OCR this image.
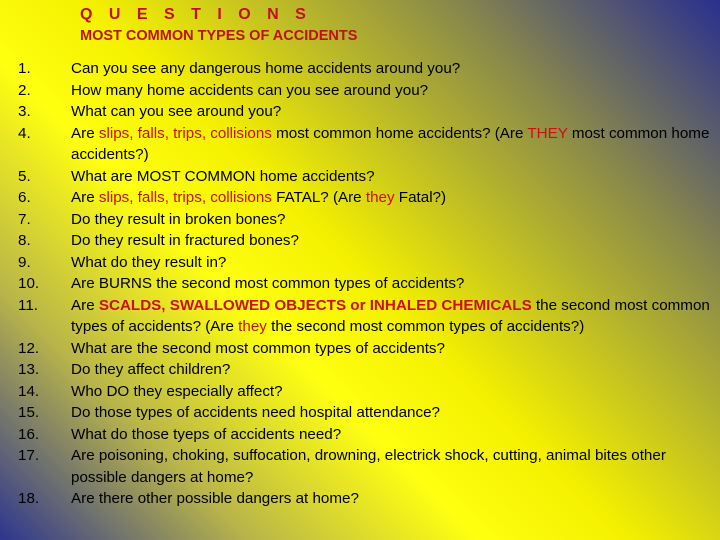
Q U E S T I O N S
MOST COMMON TYPES OF ACCIDENTS
1.	Can you see any dangerous home accidents around you?
2.	How many home accidents can you see around you?
3.	What can you see around you?
4.	Are slips, falls, trips, collisions most common home accidents? (Are THEY most common home accidents?)
5.	What are MOST COMMON home accidents?
6.	Are slips, falls, trips, collisions FATAL? (Are they Fatal?)
7.	Do they result in broken bones?
8.	Do they result in fractured bones?
9.	What do they result in?
10.	Are BURNS the second most common types of accidents?
11.	Are SCALDS, SWALLOWED OBJECTS or INHALED CHEMICALS the second most common types of accidents? (Are they the second most common types of accidents?)
12.	What are the second most common types of accidents?
13.	Do they affect children?
14.	Who DO they especially affect?
15.	Do those types of accidents need hospital attendance?
16.	What do those tyeps of accidents need?
17.	Are poisoning, choking, suffocation, drowning, electrick shock, cutting, animal bites other possible dangers at home?
18.	Are there other possible dangers at home?
